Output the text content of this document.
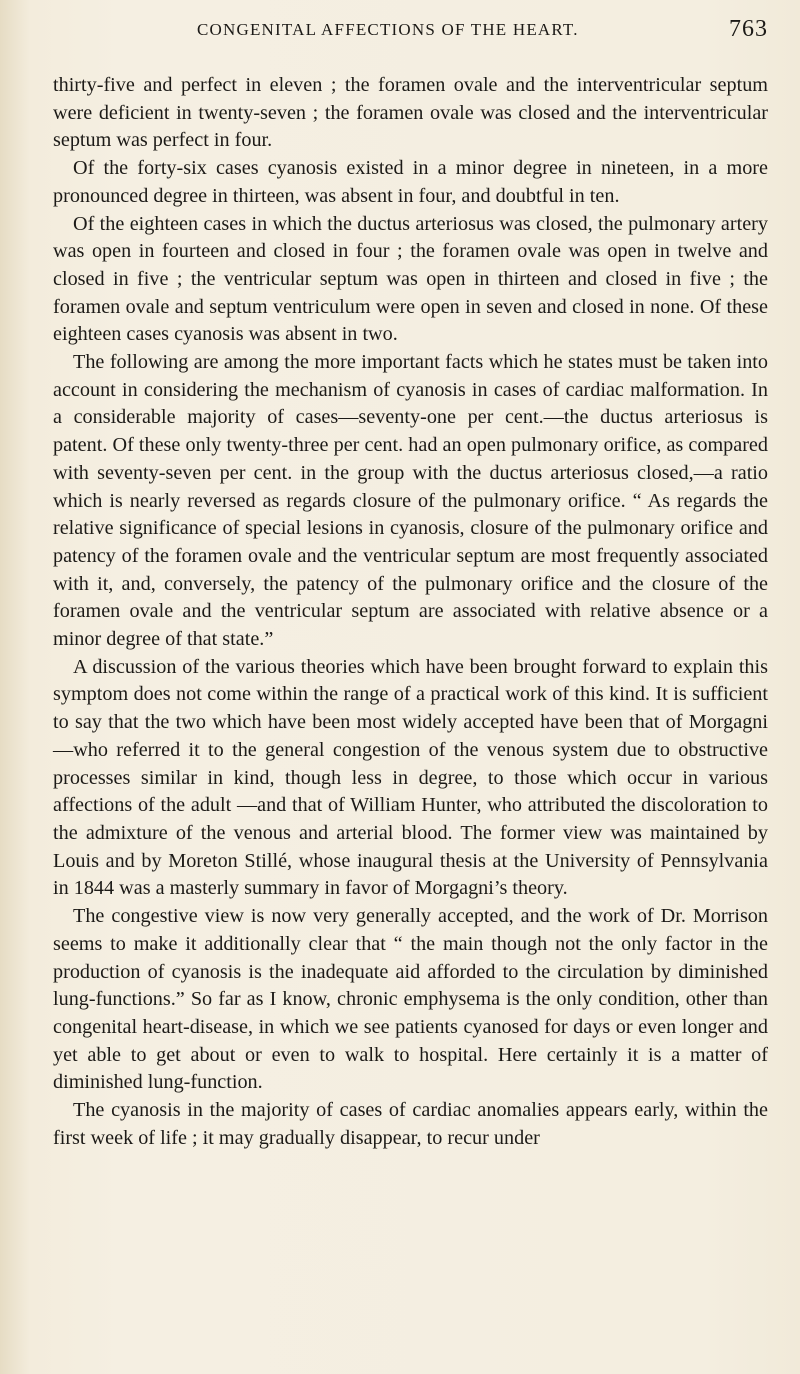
CONGENITAL AFFECTIONS OF THE HEART.	763

thirty-five and perfect in eleven ; the foramen ovale and the interventricular septum were deficient in twenty-seven ; the foramen ovale was closed and the interventricular septum was perfect in four.

Of the forty-six cases cyanosis existed in a minor degree in nineteen, in a more pronounced degree in thirteen, was absent in four, and doubtful in ten.

Of the eighteen cases in which the ductus arteriosus was closed, the pulmonary artery was open in fourteen and closed in four ; the foramen ovale was open in twelve and closed in five ; the ventricular septum was open in thirteen and closed in five ; the foramen ovale and septum ventriculum were open in seven and closed in none. Of these eighteen cases cyanosis was absent in two.

The following are among the more important facts which he states must be taken into account in considering the mechanism of cyanosis in cases of cardiac malformation. In a considerable majority of cases—seventy-one per cent.—the ductus arteriosus is patent. Of these only twenty-three per cent. had an open pulmonary orifice, as compared with seventy-seven per cent. in the group with the ductus arteriosus closed,—a ratio which is nearly reversed as regards closure of the pulmonary orifice. “ As regards the relative significance of special lesions in cyanosis, closure of the pulmonary orifice and patency of the foramen ovale and the ventricular septum are most frequently associated with it, and, conversely, the patency of the pulmonary orifice and the closure of the foramen ovale and the ventricular septum are associated with relative absence or a minor degree of that state.”

A discussion of the various theories which have been brought forward to explain this symptom does not come within the range of a practical work of this kind. It is sufficient to say that the two which have been most widely accepted have been that of Morgagni—who referred it to the general congestion of the venous system due to obstructive processes similar in kind, though less in degree, to those which occur in various affections of the adult —and that of William Hunter, who attributed the discoloration to the admixture of the venous and arterial blood. The former view was maintained by Louis and by Moreton Stillé, whose inaugural thesis at the University of Pennsylvania in 1844 was a masterly summary in favor of Morgagni’s theory.

The congestive view is now very generally accepted, and the work of Dr. Morrison seems to make it additionally clear that “ the main though not the only factor in the production of cyanosis is the inadequate aid afforded to the circulation by diminished lung-functions.” So far as I know, chronic emphysema is the only condition, other than congenital heart-disease, in which we see patients cyanosed for days or even longer and yet able to get about or even to walk to hospital. Here certainly it is a matter of diminished lung-function.

The cyanosis in the majority of cases of cardiac anomalies appears early, within the first week of life ; it may gradually disappear, to recur under
